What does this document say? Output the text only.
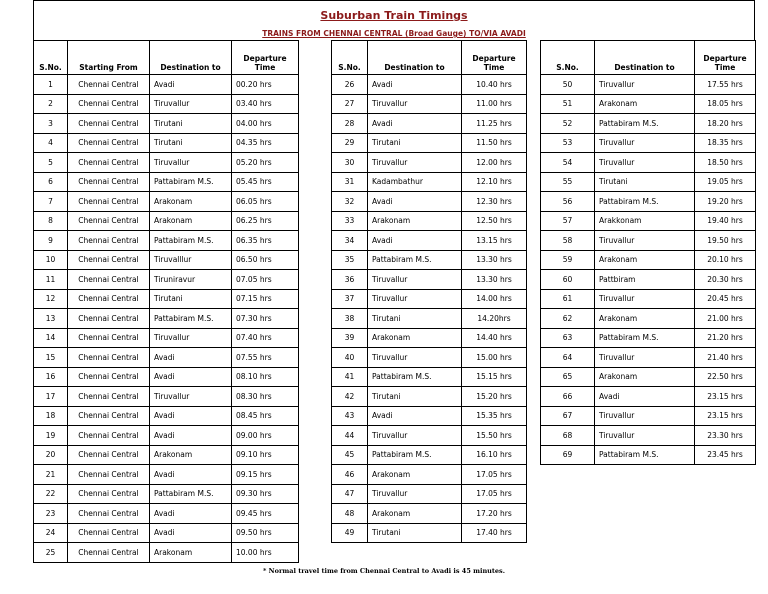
Suburban Train Timings
TRAINS FROM CHENNAI CENTRAL (Broad Gauge) TO/VIA AVADI
S.No.	Starting From	Destination to	Departure Time
1	Chennai Central	Avadi	00.20 hrs
2	Chennai Central	Tiruvallur	03.40 hrs
3	Chennai Central	Tirutani	04.00 hrs
4	Chennai Central	Tirutani	04.35 hrs
5	Chennai Central	Tiruvallur	05.20 hrs
6	Chennai Central	Pattabiram M.S.	05.45 hrs
7	Chennai Central	Arakonam	06.05 hrs
8	Chennai Central	Arakonam	06.25 hrs
9	Chennai Central	Pattabiram M.S.	06.35 hrs
10	Chennai Central	Tiruvalllur	06.50 hrs
11	Chennai Central	Tiruniravur	07.05 hrs
12	Chennai Central	Tirutani	07.15 hrs
13	Chennai Central	Pattabiram M.S.	07.30 hrs
14	Chennai Central	Tiruvallur	07.40 hrs
15	Chennai Central	Avadi	07.55 hrs
16	Chennai Central	Avadi	08.10 hrs
17	Chennai Central	Tiruvallur	08.30 hrs
18	Chennai Central	Avadi	08.45 hrs
19	Chennai Central	Avadi	09.00 hrs
20	Chennai Central	Arakonam	09.10 hrs
21	Chennai Central	Avadi	09.15 hrs
22	Chennai Central	Pattabiram M.S.	09.30 hrs
23	Chennai Central	Avadi	09.45 hrs
24	Chennai Central	Avadi	09.50 hrs
25	Chennai Central	Arakonam	10.00 hrs
S.No.	Destination to	Departure Time
26	Avadi	10.40 hrs
27	Tiruvallur	11.00 hrs
28	Avadi	11.25 hrs
29	Tirutani	11.50 hrs
30	Tiruvallur	12.00 hrs
31	Kadambathur	12.10 hrs
32	Avadi	12.30 hrs
33	Arakonam	12.50 hrs
34	Avadi	13.15 hrs
35	Pattabiram M.S.	13.30 hrs
36	Tiruvallur	13.30 hrs
37	Tiruvallur	14.00 hrs
38	Tirutani	14.20hrs
39	Arakonam	14.40 hrs
40	Tiruvallur	15.00 hrs
41	Pattabiram M.S.	15.15 hrs
42	Tirutani	15.20 hrs
43	Avadi	15.35 hrs
44	Tiruvallur	15.50 hrs
45	Pattabiram M.S.	16.10 hrs
46	Arakonam	17.05 hrs
47	Tiruvallur	17.05 hrs
48	Arakonam	17.20 hrs
49	Tirutani	17.40 hrs
S.No.	Destination to	Departure Time
50	Tiruvallur	17.55 hrs
51	Arakonam	18.05 hrs
52	Pattabiram M.S.	18.20 hrs
53	Tiruvallur	18.35 hrs
54	Tiruvallur	18.50 hrs
55	Tirutani	19.05 hrs
56	Pattabiram M.S.	19.20 hrs
57	Arakkonam	19.40 hrs
58	Tiruvallur	19.50 hrs
59	Arakonam	20.10 hrs
60	Pattbiram	20.30 hrs
61	Tiruvallur	20.45 hrs
62	Arakonam	21.00 hrs
63	Pattabiram M.S.	21.20 hrs
64	Tiruvallur	21.40 hrs
65	Arakonam	22.50 hrs
66	Avadi	23.15 hrs
67	Tiruvallur	23.15 hrs
68	Tiruvallur	23.30 hrs
69	Pattabiram M.S.	23.45 hrs
* Normal travel time from Chennai Central to Avadi is 45 minutes.
